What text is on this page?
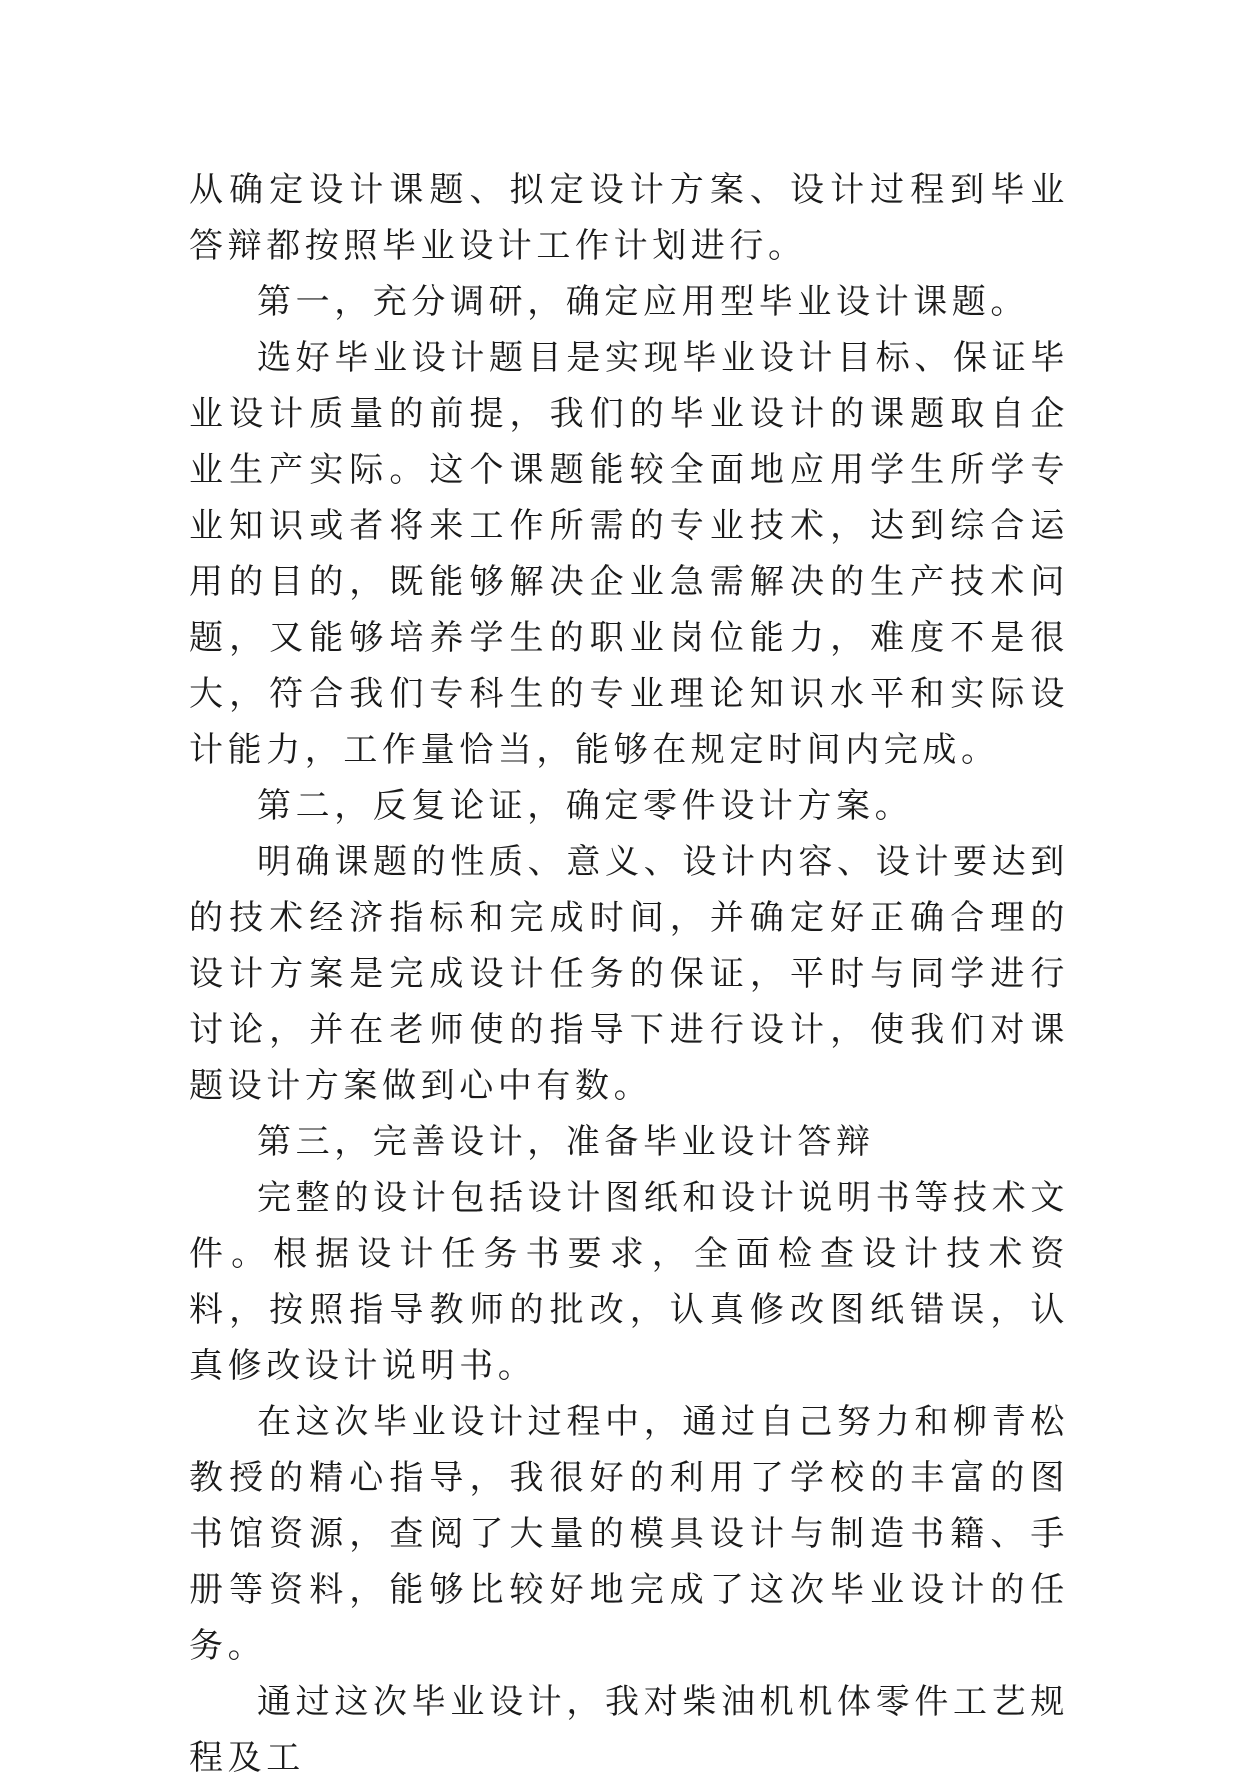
从确定设计课题、拟定设计方案、设计过程到毕业答辩都按照毕业设计工作计划进行。

第一，充分调研，确定应用型毕业设计课题。

选好毕业设计题目是实现毕业设计目标、保证毕业设计质量的前提，我们的毕业设计的课题取自企业生产实际。这个课题能较全面地应用学生所学专业知识或者将来工作所需的专业技术，达到综合运用的目的，既能够解决企业急需解决的生产技术问题，又能够培养学生的职业岗位能力，难度不是很大，符合我们专科生的专业理论知识水平和实际设计能力，工作量恰当，能够在规定时间内完成。

第二，反复论证，确定零件设计方案。

明确课题的性质、意义、设计内容、设计要达到的技术经济指标和完成时间，并确定好正确合理的设计方案是完成设计任务的保证，平时与同学进行讨论，并在老师使的指导下进行设计，使我们对课题设计方案做到心中有数。

第三，完善设计，准备毕业设计答辩

完整的设计包括设计图纸和设计说明书等技术文件。根据设计任务书要求，全面检查设计技术资料，按照指导教师的批改，认真修改图纸错误，认真修改设计说明书。

在这次毕业设计过程中，通过自己努力和柳青松教授的精心指导，我很好的利用了学校的丰富的图书馆资源，查阅了大量的模具设计与制造书籍、手册等资料，能够比较好地完成了这次毕业设计的任务。

通过这次毕业设计，我对柴油机机体零件工艺规程及工
